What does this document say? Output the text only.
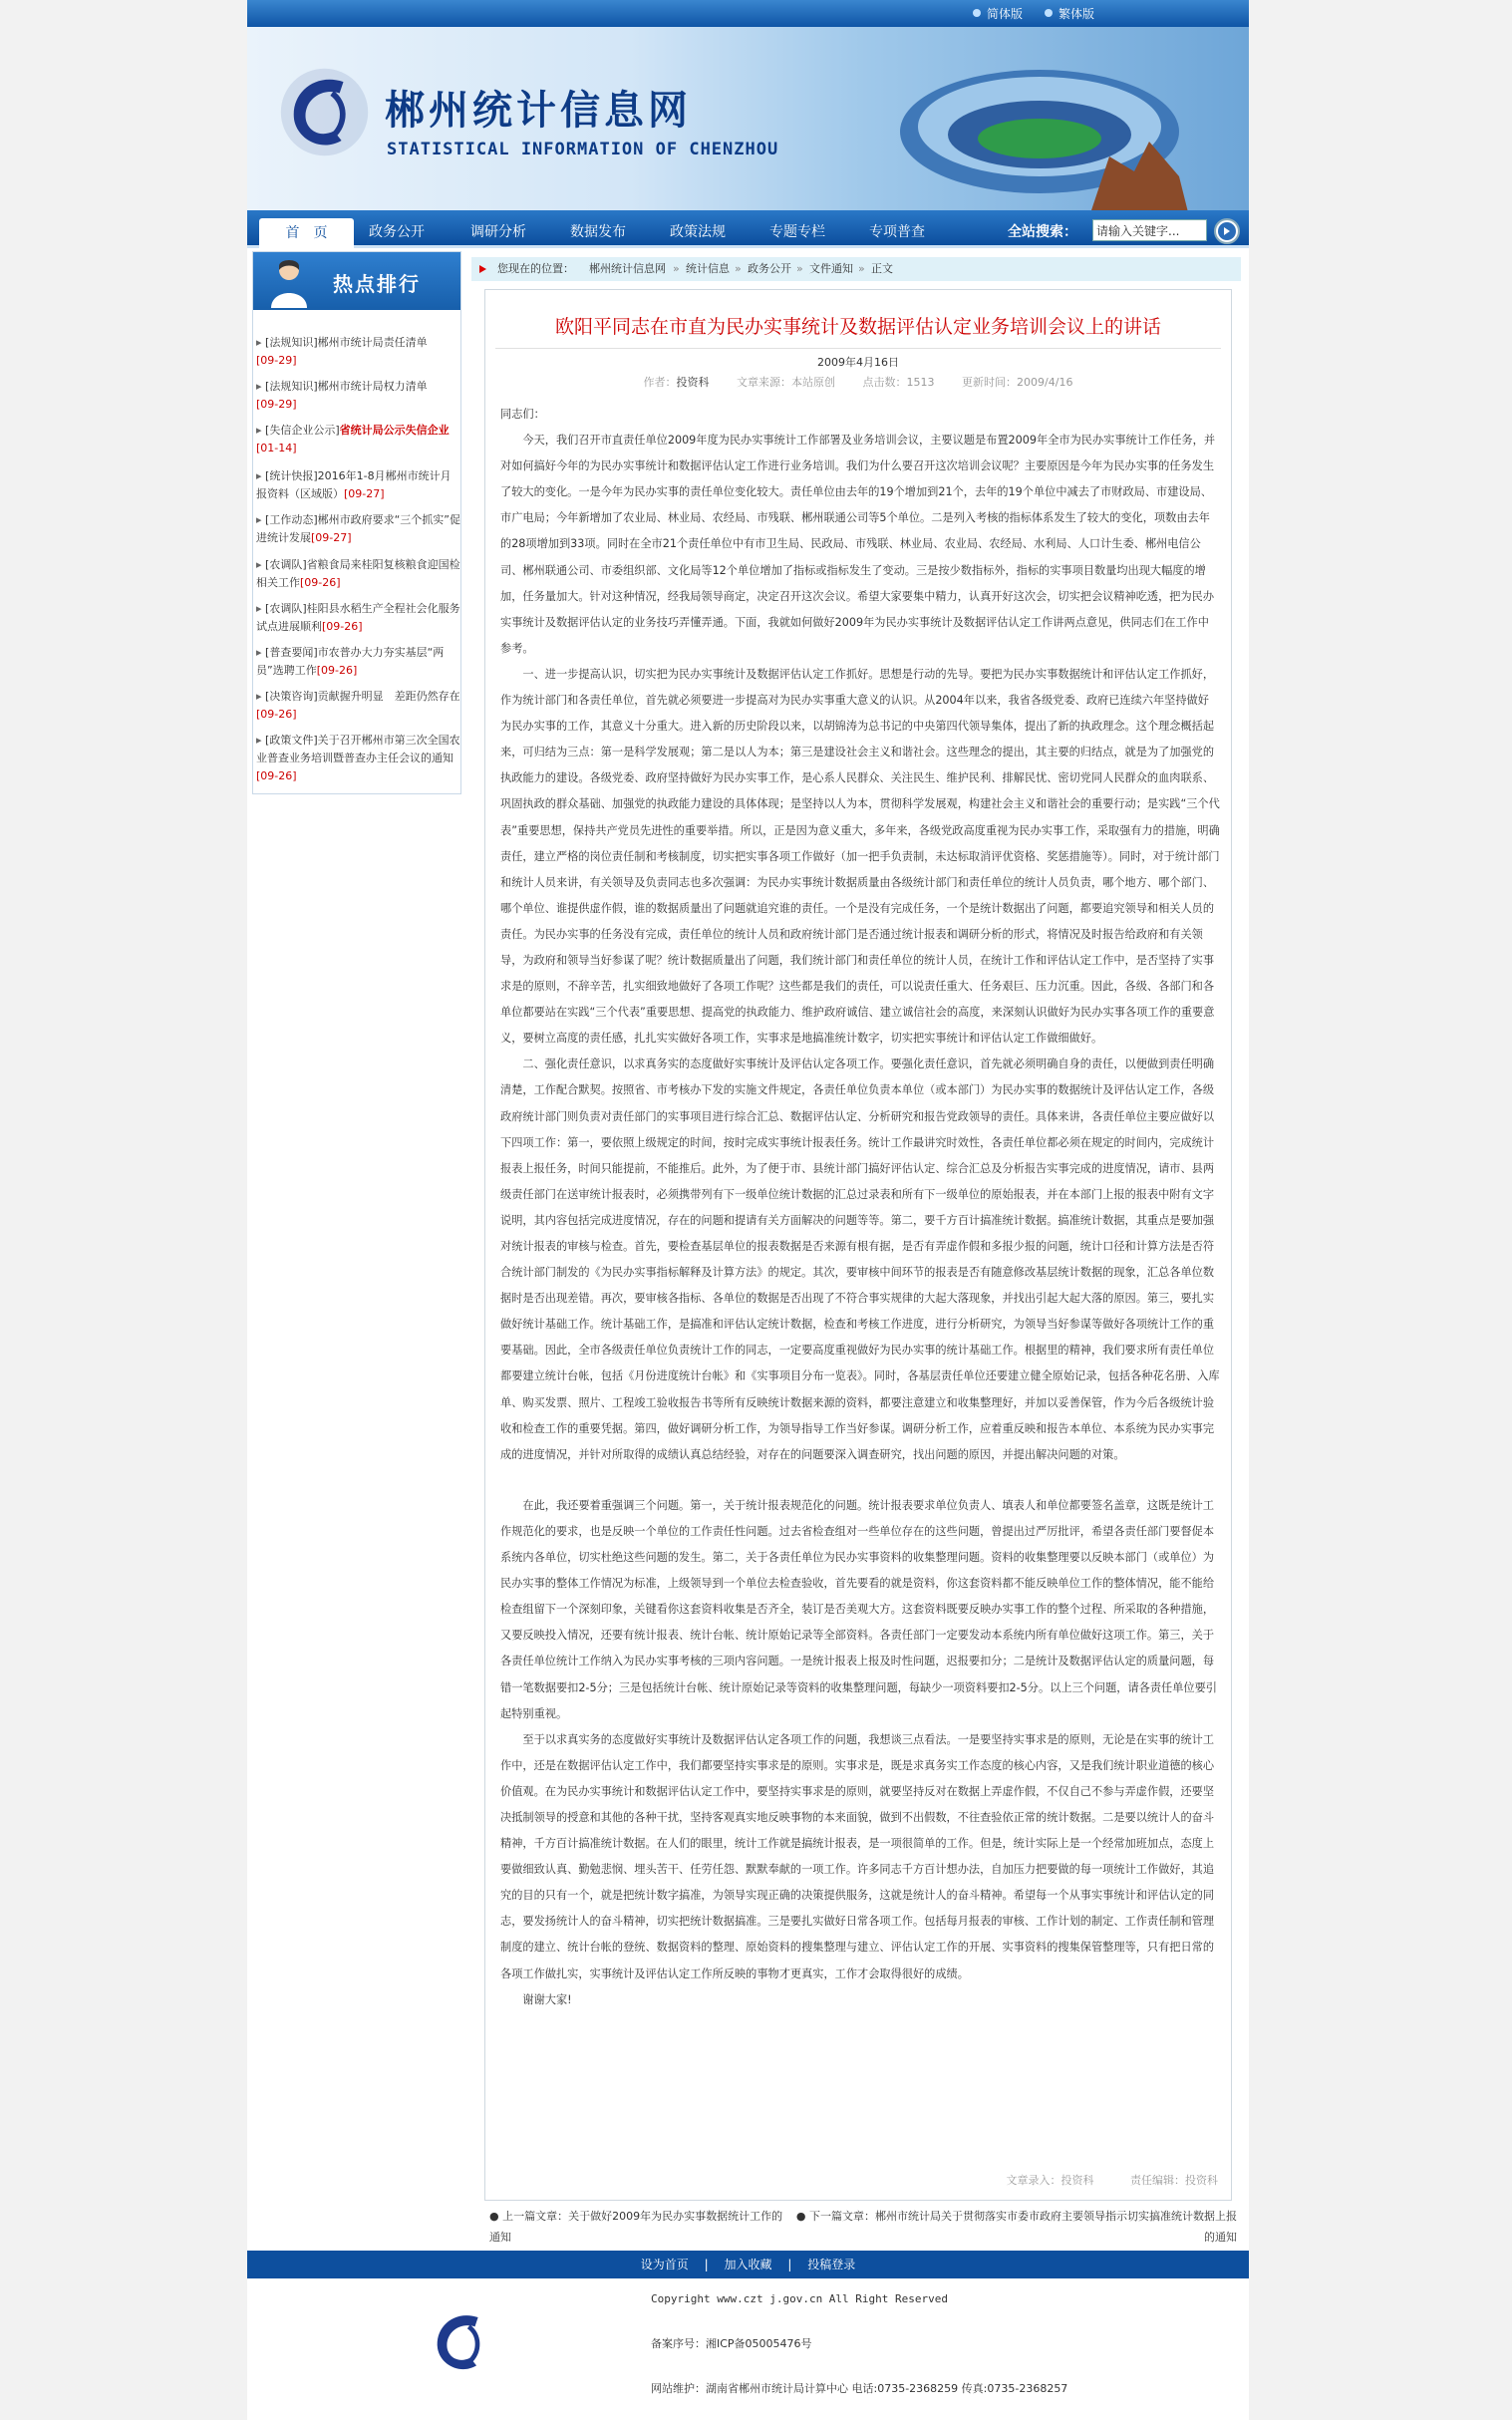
简体版	繁体版
郴州统计信息网
STATISTICAL INFORMATION OF CHENZHOU
首　页	政务公开	调研分析	数据发布	政策法规	专题专栏	专项普查	全站搜索：
请输入关键字...
热点排行
▸ [法规知识]郴州市统计局责任清单
[09-29]
▸ [法规知识]郴州市统计局权力清单
[09-29]
▸ [失信企业公示]省统计局公示失信企业[01-14]
▸ [统计快报]2016年1-8月郴州市统计月报资料（区域版）[09-27]
▸ [工作动态]郴州市政府要求“三个抓实”促进统计发展[09-27]
▸ [农调队]省粮食局来桂阳复核粮食迎国检相关工作[09-26]
▸ [农调队]桂阳县水稻生产全程社会化服务试点进展顺利[09-26]
▸ [普查要闻]市农普办大力夯实基层“两员”选聘工作[09-26]
▸ [决策咨询]贡献握升明显　差距仍然存在[09-26]
▸ [政策文件]关于召开郴州市第三次全国农业普查业务培训暨普查办主任会议的通知[09-26]
您现在的位置： 郴州统计信息网 » 统计信息 » 政务公开 » 文件通知 » 正文
欧阳平同志在市直为民办实事统计及数据评估认定业务培训会议上的讲话
2009年4月16日
作者：投资科　　	文章来源：本站原创　　	点击数：1513　　	更新时间：2009/4/16

同志们：

今天，我们召开市直责任单位2009年度为民办实事统计工作部署及业务培训会议，主要议题是布置2009年全市为民办实事统计工作任务，并对如何搞好今年的为民办实事统计和数据评估认定工作进行业务培训。我们为什么要召开这次培训会议呢？主要原因是今年为民办实事的任务发生了较大的变化。一是今年为民办实事的责任单位变化较大。责任单位由去年的19个增加到21个，去年的19个单位中减去了市财政局、市建设局、市广电局；今年新增加了农业局、林业局、农经局、市残联、郴州联通公司等5个单位。二是列入考核的指标体系发生了较大的变化，项数由去年的28项增加到33项。同时在全市21个责任单位中有市卫生局、民政局、市残联、林业局、农业局、农经局、水利局、人口计生委、郴州电信公司、郴州联通公司、市委组织部、文化局等12个单位增加了指标或指标发生了变动。三是按少数指标外，指标的实事项目数量均出现大幅度的增加，任务量加大。针对这种情况，经我局领导商定，决定召开这次会议。希望大家要集中精力，认真开好这次会，切实把会议精神吃透，把为民办实事统计及数据评估认定的业务技巧弄懂弄通。下面，我就如何做好2009年为民办实事统计及数据评估认定工作讲两点意见，供同志们在工作中参考。

一、进一步提高认识，切实把为民办实事统计及数据评估认定工作抓好。思想是行动的先导。要把为民办实事数据统计和评估认定工作抓好，作为统计部门和各责任单位，首先就必须要进一步提高对为民办实事重大意义的认识。从2004年以来，我省各级党委、政府已连续六年坚持做好为民办实事的工作，其意义十分重大。进入新的历史阶段以来，以胡锦涛为总书记的中央第四代领导集体，提出了新的执政理念。这个理念概括起来，可归结为三点：第一是科学发展观；第二是以人为本；第三是建设社会主义和谐社会。这些理念的提出，其主要的归结点，就是为了加强党的执政能力的建设。各级党委、政府坚持做好为民办实事工作，是心系人民群众、关注民生、维护民利、排解民忧、密切党同人民群众的血肉联系、巩固执政的群众基础、加强党的执政能力建设的具体体现；是坚持以人为本，贯彻科学发展观，构建社会主义和谐社会的重要行动；是实践“三个代表”重要思想，保持共产党员先进性的重要举措。所以，正是因为意义重大，多年来，各级党政高度重视为民办实事工作，采取强有力的措施，明确责任，建立严格的岗位责任制和考核制度，切实把实事各项工作做好（加一把手负责制，未达标取消评优资格、奖惩措施等）。同时，对于统计部门和统计人员来讲，有关领导及负责同志也多次强调：为民办实事统计数据质量由各级统计部门和责任单位的统计人员负责，哪个地方、哪个部门、哪个单位、谁提供虚作假，谁的数据质量出了问题就追究谁的责任。一个是没有完成任务，一个是统计数据出了问题，都要追究领导和相关人员的责任。为民办实事的任务没有完成，责任单位的统计人员和政府统计部门是否通过统计报表和调研分析的形式，将情况及时报告给政府和有关领导，为政府和领导当好参谋了呢？统计数据质量出了问题，我们统计部门和责任单位的统计人员，在统计工作和评估认定工作中，是否坚持了实事求是的原则，不辞辛苦，扎实细致地做好了各项工作呢？这些都是我们的责任，可以说责任重大、任务艰巨、压力沉重。因此，各级、各部门和各单位都要站在实践“三个代表”重要思想、提高党的执政能力、维护政府诚信、建立诚信社会的高度，来深刻认识做好为民办实事各项工作的重要意义，要树立高度的责任感，扎扎实实做好各项工作，实事求是地搞准统计数字，切实把实事统计和评估认定工作做细做好。

二、强化责任意识，以求真务实的态度做好实事统计及评估认定各项工作。要强化责任意识，首先就必须明确自身的责任，以便做到责任明确清楚，工作配合默契。按照省、市考核办下发的实施文件规定，各责任单位负责本单位（或本部门）为民办实事的数据统计及评估认定工作，各级政府统计部门则负责对责任部门的实事项目进行综合汇总、数据评估认定、分析研究和报告党政领导的责任。具体来讲，各责任单位主要应做好以下四项工作：第一，要依照上级规定的时间，按时完成实事统计报表任务。统计工作最讲究时效性，各责任单位都必须在规定的时间内，完成统计报表上报任务，时间只能提前，不能推后。此外，为了便于市、县统计部门搞好评估认定、综合汇总及分析报告实事完成的进度情况，请市、县两级责任部门在送审统计报表时，必须携带列有下一级单位统计数据的汇总过录表和所有下一级单位的原始报表，并在本部门上报的报表中附有文字说明，其内容包括完成进度情况，存在的问题和提请有关方面解决的问题等等。第二，要千方百计搞准统计数据。搞准统计数据，其重点是要加强对统计报表的审核与检查。首先，要检查基层单位的报表数据是否来源有根有据，是否有弄虚作假和多报少报的问题，统计口径和计算方法是否符合统计部门制发的《为民办实事指标解释及计算方法》的规定。其次，要审核中间环节的报表是否有随意修改基层统计数据的现象，汇总各单位数据时是否出现差错。再次，要审核各指标、各单位的数据是否出现了不符合事实规律的大起大落现象，并找出引起大起大落的原因。第三，要扎实做好统计基础工作。统计基础工作，是搞准和评估认定统计数据，检查和考核工作进度，进行分析研究，为领导当好参谋等做好各项统计工作的重要基础。因此，全市各级责任单位负责统计工作的同志，一定要高度重视做好为民办实事的统计基础工作。根据里的精神，我们要求所有责任单位都要建立统计台帐，包括《月份进度统计台帐》和《实事项目分布一览表》。同时，各基层责任单位还要建立健全原始记录，包括各种花名册、入库单、购买发票、照片、工程竣工验收报告书等所有反映统计数据来源的资料，都要注意建立和收集整理好，并加以妥善保管，作为今后各级统计验收和检查工作的重要凭据。第四，做好调研分析工作，为领导指导工作当好参谋。调研分析工作，应着重反映和报告本单位、本系统为民办实事完成的进度情况，并针对所取得的成绩认真总结经验，对存在的问题要深入调查研究，找出问题的原因，并提出解决问题的对策。

在此，我还要着重强调三个问题。第一，关于统计报表规范化的问题。统计报表要求单位负责人、填表人和单位都要签名盖章，这既是统计工作规范化的要求，也是反映一个单位的工作责任性问题。过去省检查组对一些单位存在的这些问题，曾提出过严厉批评，希望各责任部门要督促本系统内各单位，切实杜绝这些问题的发生。第二，关于各责任单位为民办实事资料的收集整理问题。资料的收集整理要以反映本部门（或单位）为民办实事的整体工作情况为标准，上级领导到一个单位去检查验收，首先要看的就是资料，你这套资料都不能反映单位工作的整体情况，能不能给检查组留下一个深刻印象，关键看你这套资料收集是否齐全，装订是否美观大方。这套资料既要反映办实事工作的整个过程、所采取的各种措施，又要反映投入情况，还要有统计报表、统计台帐、统计原始记录等全部资料。各责任部门一定要发动本系统内所有单位做好这项工作。第三，关于各责任单位统计工作纳入为民办实事考核的三项内容问题。一是统计报表上报及时性问题，迟报要扣分；二是统计及数据评估认定的质量问题，每错一笔数据要扣2-5分；三是包括统计台帐、统计原始记录等资料的收集整理问题，每缺少一项资料要扣2-5分。以上三个问题，请各责任单位要引起特别重视。

至于以求真实务的态度做好实事统计及数据评估认定各项工作的问题，我想谈三点看法。一是要坚持实事求是的原则，无论是在实事的统计工作中，还是在数据评估认定工作中，我们都要坚持实事求是的原则。实事求是，既是求真务实工作态度的核心内容，又是我们统计职业道德的核心价值观。在为民办实事统计和数据评估认定工作中，要坚持实事求是的原则，就要坚持反对在数据上弄虚作假，不仅自己不参与弄虚作假，还要坚决抵制领导的授意和其他的各种干扰，坚持客观真实地反映事物的本来面貌，做到不出假数，不往查验依正常的统计数据。二是要以统计人的奋斗精神，千方百计搞准统计数据。在人们的眼里，统计工作就是搞统计报表，是一项很简单的工作。但是，统计实际上是一个经常加班加点，态度上要做细致认真、勤勉悲悯、埋头苦干、任劳任怨、默默奉献的一项工作。许多同志千方百计想办法，自加压力把要做的每一项统计工作做好，其追究的目的只有一个，就是把统计数字搞准，为领导实现正确的决策提供服务，这就是统计人的奋斗精神。希望每一个从事实事统计和评估认定的同志，要发扬统计人的奋斗精神，切实把统计数据搞准。三是要扎实做好日常各项工作。包括每月报表的审核、工作计划的制定、工作责任制和管理制度的建立、统计台帐的登统、数据资料的整理、原始资料的搜集整理与建立、评估认定工作的开展、实事资料的搜集保管整理等，只有把日常的各项工作做扎实，实事统计及评估认定工作所反映的事物才更真实，工作才会取得很好的成绩。

谢谢大家!

文章录入：投资科　　　	责任编辑：投资科
● 上一篇文章：关于做好2009年为民办实事数据统计工作的通知
● 下一篇文章：郴州市统计局关于贯彻落实市委市政府主要领导指示切实搞准统计数据上报的通知
设为首页 | 加入收藏 | 投稿登录
Copyright www.czt j.gov.cn All Right Reserved
备案序号：湘ICP备05005476号
网站维护：湖南省郴州市统计局计算中心 电话:0735-2368259 传真:0735-2368257
